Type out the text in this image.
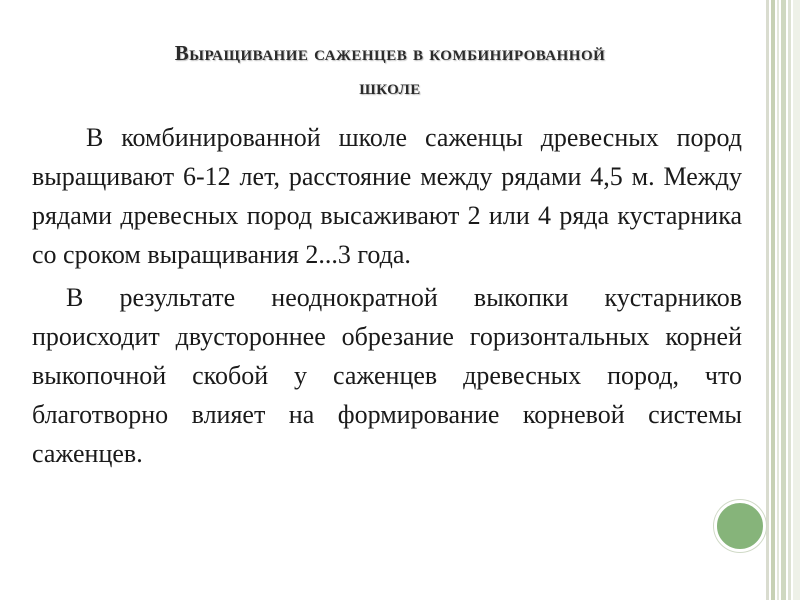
Выращивание саженцев в комбинированной
школе

В комбинированной школе саженцы древесных пород выращивают 6-12 лет, расстояние между рядами 4,5 м. Между рядами древесных пород высаживают 2 или 4 ряда кустарника со сроком выращивания 2...3 года.

В результате неоднократной выкопки кустарников происходит двустороннее обрезание горизонтальных корней выкопочной скобой у саженцев древесных пород, что благотворно влияет на формирование корневой системы саженцев.
